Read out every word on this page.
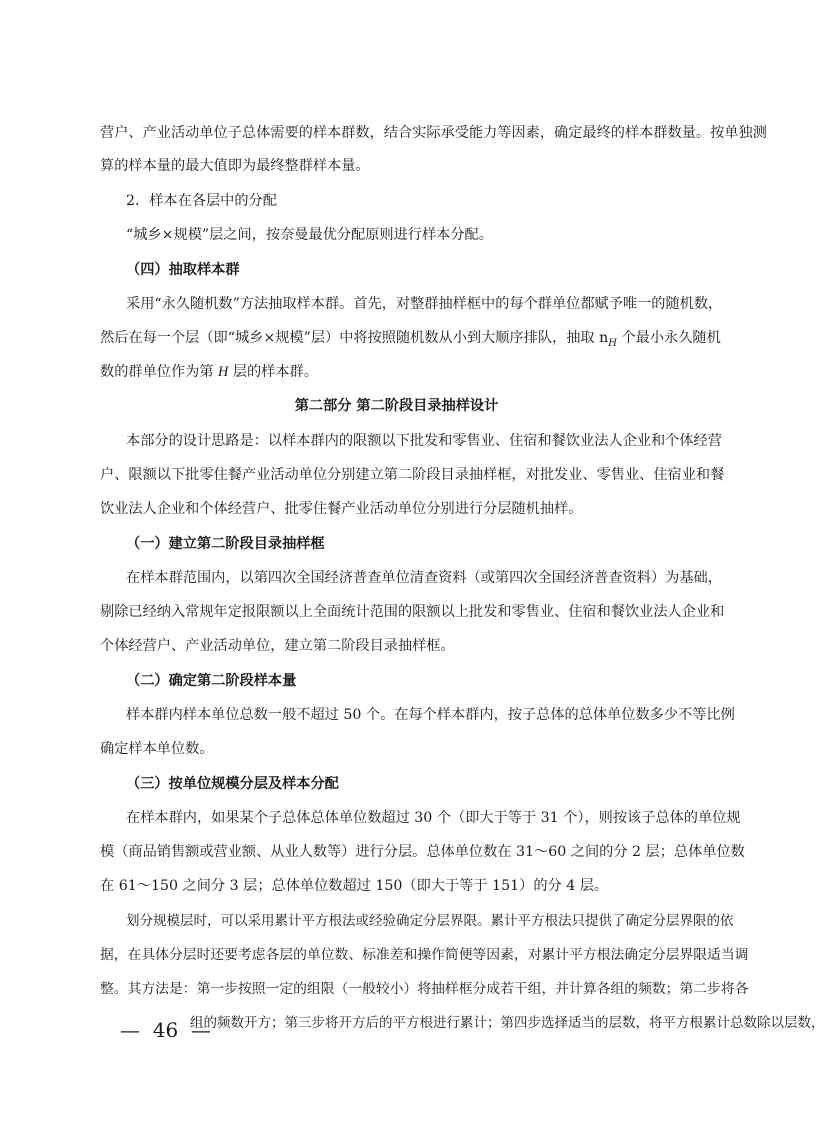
营户、产业活动单位子总体需要的样本群数，结合实际承受能力等因素，确定最终的样本群数量。按单独测
算的样本量的最大值即为最终整群样本量。
2．样本在各层中的分配
“城乡×规模”层之间，按奈曼最优分配原则进行样本分配。
（四）抽取样本群
采用“永久随机数”方法抽取样本群。首先，对整群抽样框中的每个群单位都赋予唯一的随机数，
然后在每一个层（即“城乡×规模”层）中将按照随机数从小到大顺序排队，抽取 $n_H$ 个最小永久随机
数的群单位作为第 H 层的样本群。
第二部分 第二阶段目录抽样设计
本部分的设计思路是：以样本群内的限额以下批发和零售业、住宿和餐饮业法人企业和个体经营
户、限额以下批零住餐产业活动单位分别建立第二阶段目录抽样框，对批发业、零售业、住宿业和餐
饮业法人企业和个体经营户、批零住餐产业活动单位分别进行分层随机抽样。
（一）建立第二阶段目录抽样框
在样本群范围内，以第四次全国经济普查单位清查资料（或第四次全国经济普查资料）为基础，
剔除已经纳入常规年定报限额以上全面统计范围的限额以上批发和零售业、住宿和餐饮业法人企业和
个体经营户、产业活动单位，建立第二阶段目录抽样框。
（二）确定第二阶段样本量
样本群内样本单位总数一般不超过 50 个。在每个样本群内，按子总体的总体单位数多少不等比例
确定样本单位数。
（三）按单位规模分层及样本分配
在样本群内，如果某个子总体总体单位数超过 30 个（即大于等于 31 个），则按该子总体的单位规
模（商品销售额或营业额、从业人数等）进行分层。总体单位数在 31～60 之间的分 2 层；总体单位数
在 61～150 之间分 3 层；总体单位数超过 150（即大于等于 151）的分 4 层。
划分规模层时，可以采用累计平方根法或经验确定分层界限。累计平方根法只提供了确定分层界限的依
据，在具体分层时还要考虑各层的单位数、标准差和操作简便等因素，对累计平方根法确定分层界限适当调
整。其方法是：第一步按照一定的组限（一般较小）将抽样框分成若干组，并计算各组的频数；第二步将各
组的频数开方；第三步将开方后的平方根进行累计；第四步选择适当的层数，将平方根累计总数除以层数，
—  46  —
